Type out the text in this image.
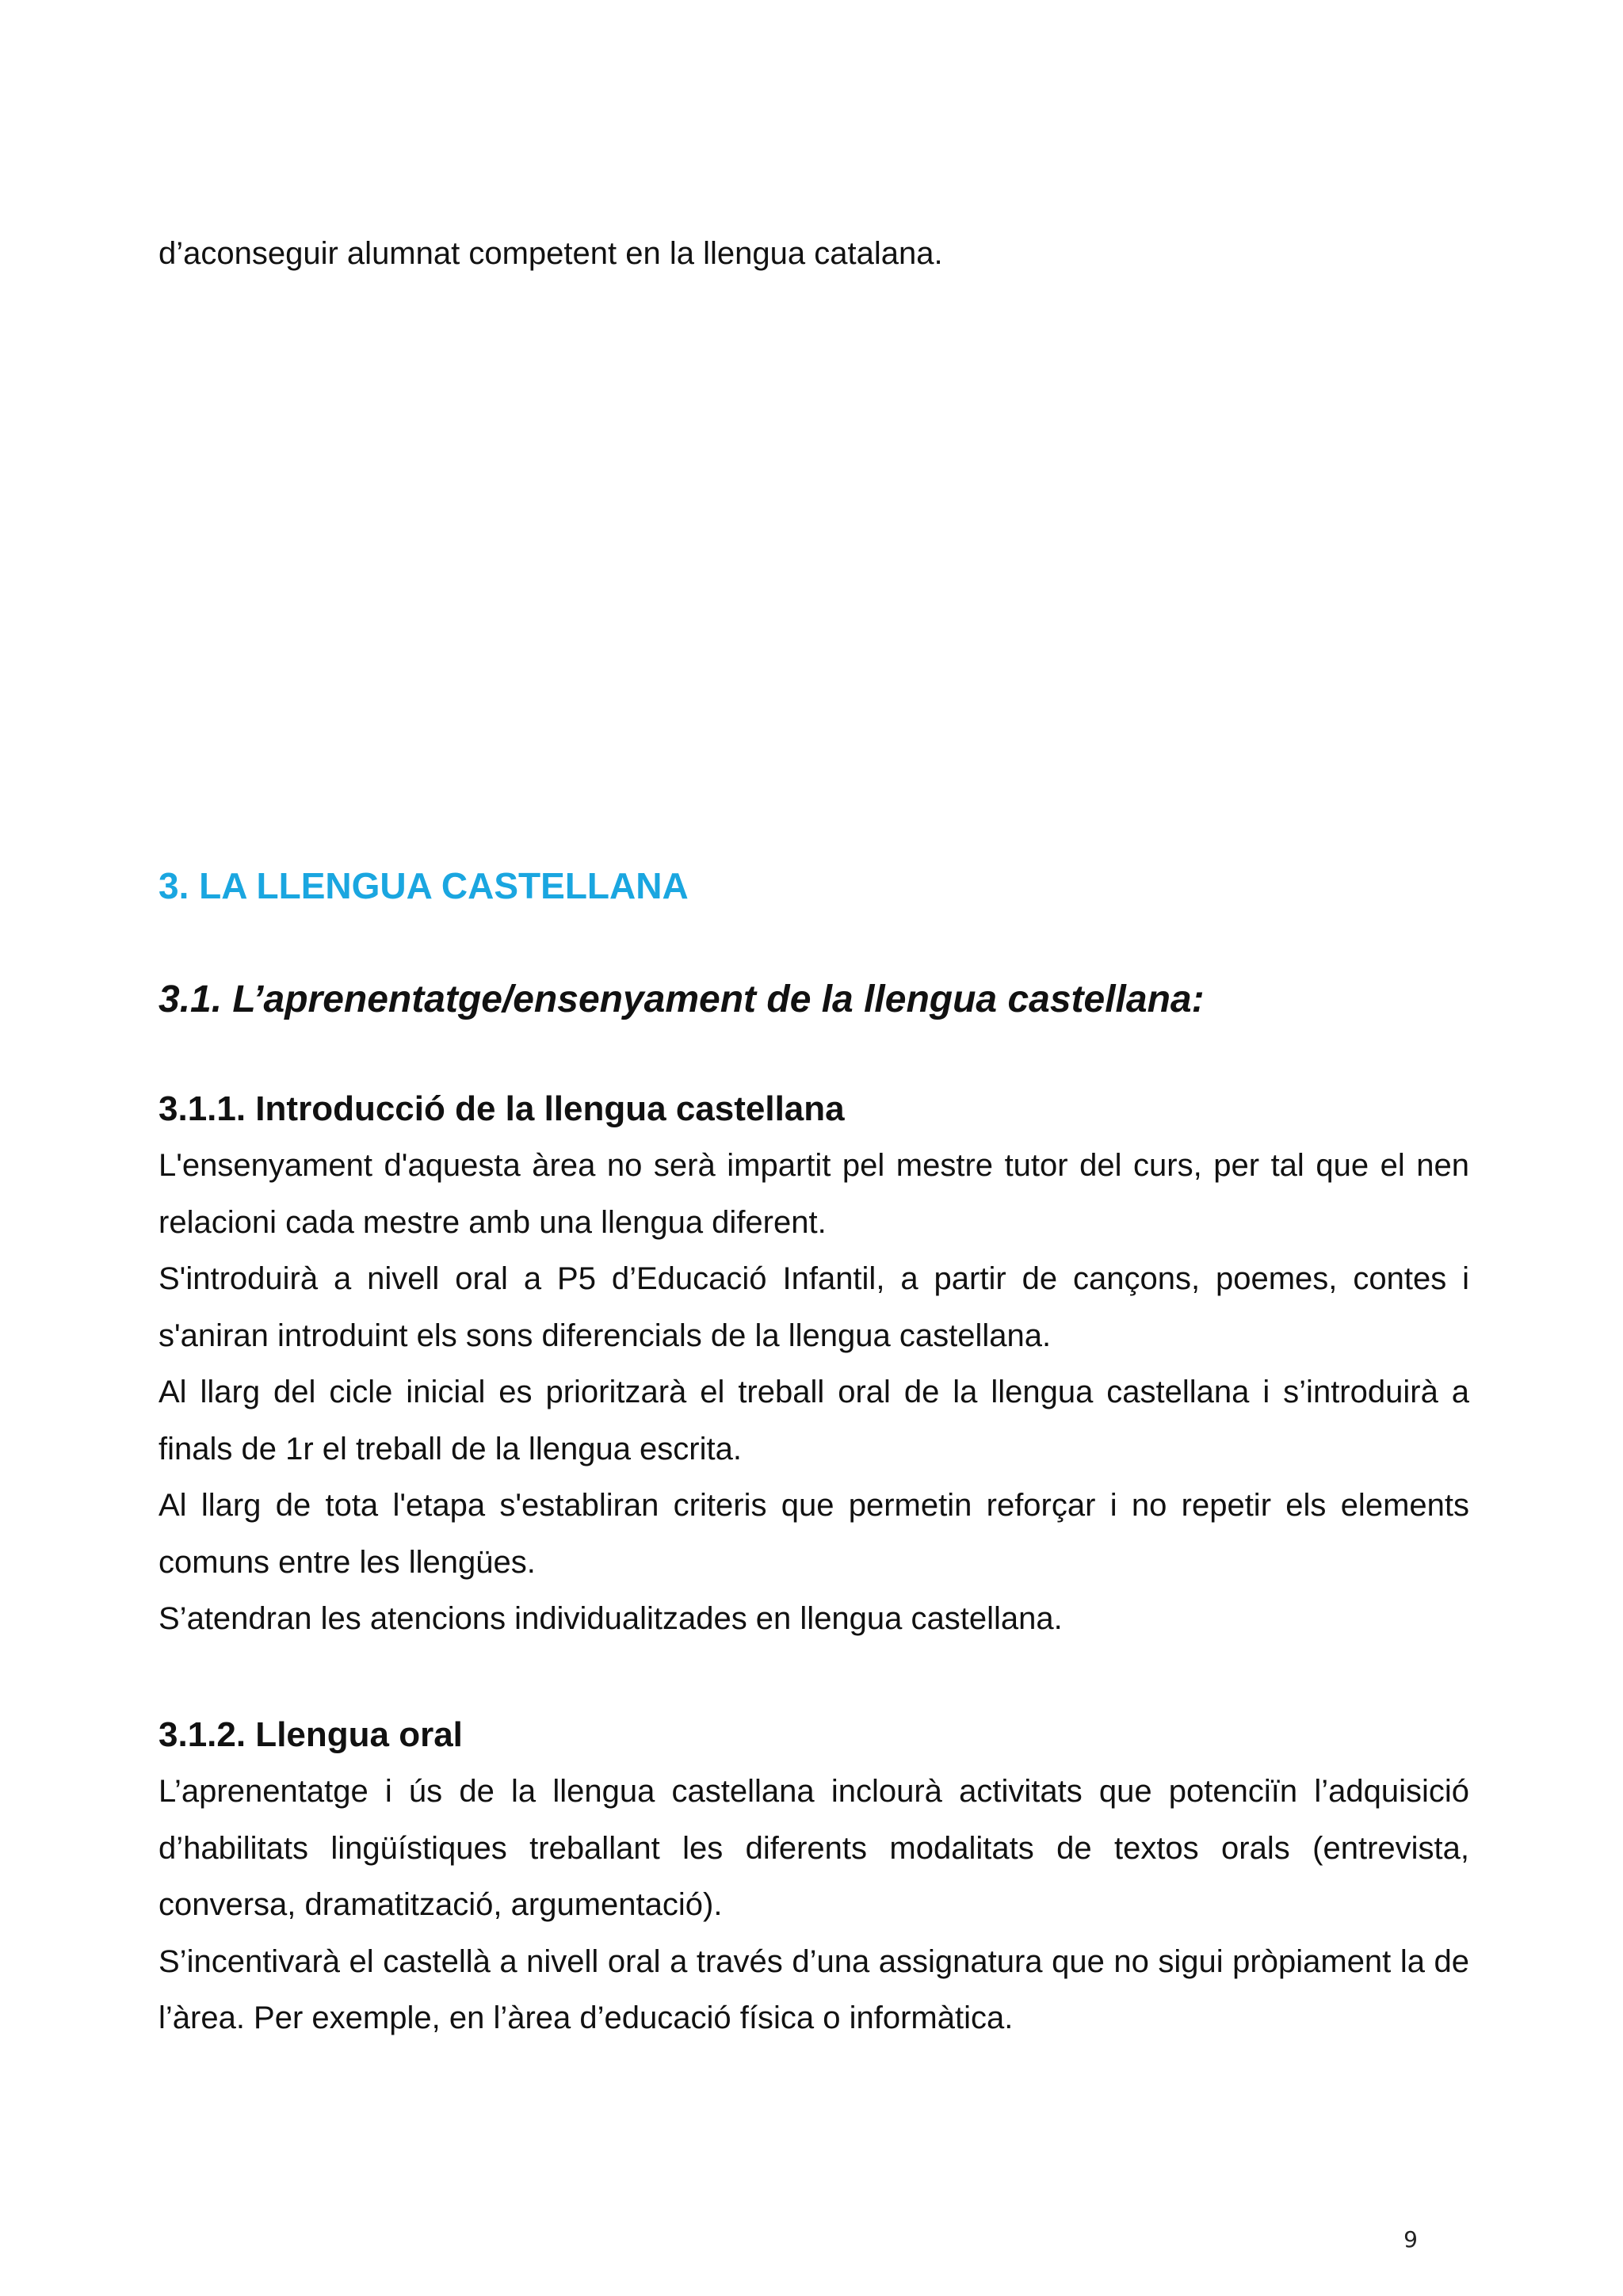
d’aconseguir alumnat competent en la llengua catalana.

3. LA LLENGUA CASTELLANA
3.1. L’aprenentatge/ensenyament de la llengua castellana:
3.1.1. Introducció de la llengua castellana

L'ensenyament d'aquesta àrea no serà impartit pel mestre tutor del curs, per tal que el nen relacioni cada mestre amb una llengua diferent.

S'introduirà a nivell oral a P5 d’Educació Infantil, a partir de cançons, poemes, contes i s'aniran introduint els sons diferencials de la llengua castellana.

Al llarg del cicle inicial es prioritzarà el treball oral de la llengua castellana i s’introduirà a finals de 1r el treball de la llengua escrita.

Al llarg de tota l'etapa s'establiran criteris que permetin reforçar i no repetir els elements comuns entre les llengües.

S’atendran les atencions individualitzades en llengua castellana.

3.1.2. Llengua oral

L’aprenentatge i ús de la llengua castellana inclourà activitats que potenciïn l’adquisició d’habilitats lingüístiques treballant les diferents modalitats de textos orals (entrevista, conversa, dramatització, argumentació).

S’incentivarà el castellà a nivell oral a través d’una assignatura que no sigui pròpiament la de l’àrea. Per exemple, en l’àrea d’educació física o informàtica.

9
